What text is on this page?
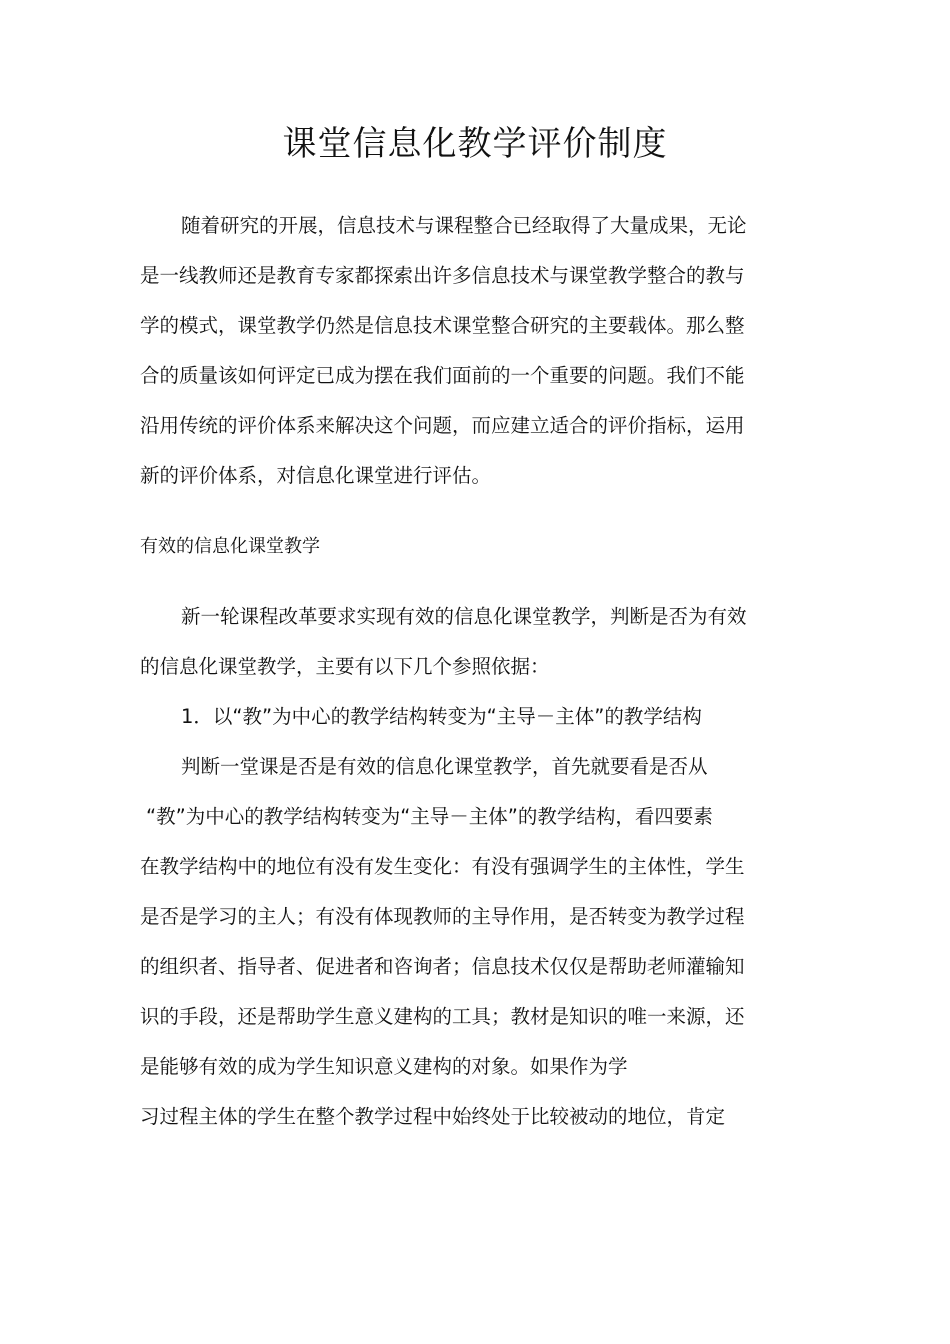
课堂信息化教学评价制度
随着研究的开展，信息技术与课程整合已经取得了大量成果，无论
是一线教师还是教育专家都探索出许多信息技术与课堂教学整合的教与
学的模式，课堂教学仍然是信息技术课堂整合研究的主要载体。那么整
合的质量该如何评定已成为摆在我们面前的一个重要的问题。我们不能
沿用传统的评价体系来解决这个问题，而应建立适合的评价指标，运用
新的评价体系，对信息化课堂进行评估。
有效的信息化课堂教学
新一轮课程改革要求实现有效的信息化课堂教学，判断是否为有效
的信息化课堂教学，主要有以下几个参照依据：
1．以“教”为中心的教学结构转变为“主导－主体”的教学结构
判断一堂课是否是有效的信息化课堂教学，首先就要看是否从
“教”为中心的教学结构转变为“主导－主体”的教学结构，看四要素
在教学结构中的地位有没有发生变化：有没有强调学生的主体性，学生
是否是学习的主人；有没有体现教师的主导作用，是否转变为教学过程
的组织者、指导者、促进者和咨询者；信息技术仅仅是帮助老师灌输知
识的手段，还是帮助学生意义建构的工具；教材是知识的唯一来源，还
是能够有效的成为学生知识意义建构的对象。如果作为学
习过程主体的学生在整个教学过程中始终处于比较被动的地位，肯定
